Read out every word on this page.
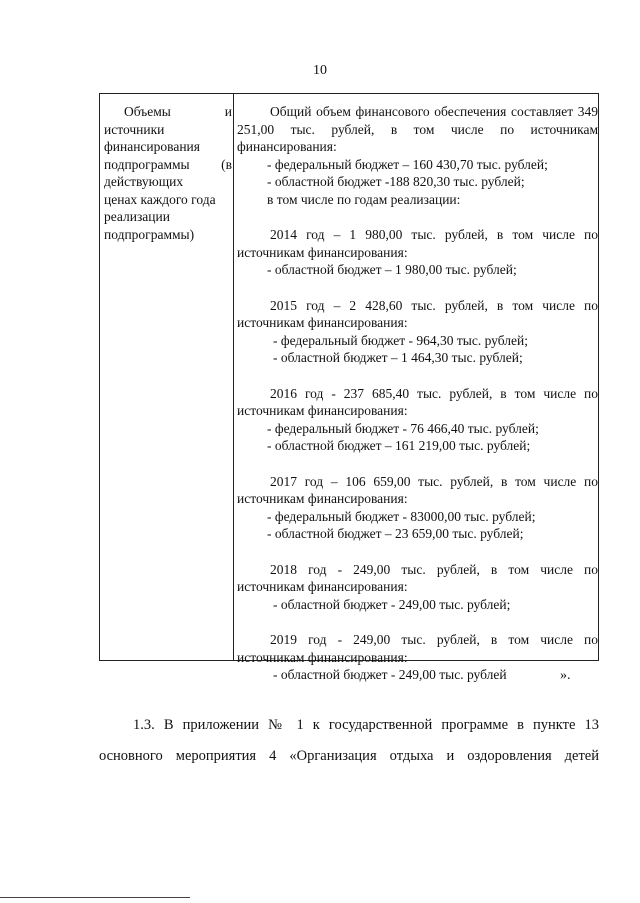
10
Объемы	и
источники
финансирования
подпрограммы (в
действующих
ценах каждого года
реализации
подпрограммы)
Общий объем финансового обеспечения составляет 349 251,00 тыс. рублей, в том числе по источникам финансирования:
- федеральный бюджет – 160 430,70 тыс. рублей;
- областной бюджет -188 820,30 тыс. рублей;
в том числе по годам реализации:
2014 год – 1 980,00 тыс. рублей, в том числе по
источникам финансирования:
- областной бюджет – 1 980,00 тыс. рублей;
2015 год – 2 428,60 тыс. рублей, в том числе по
источникам финансирования:
- федеральный бюджет - 964,30 тыс. рублей;
- областной бюджет – 1 464,30 тыс. рублей;
2016 год - 237 685,40 тыс. рублей, в том числе по
источникам финансирования:
- федеральный бюджет - 76 466,40 тыс. рублей;
- областной бюджет – 161 219,00 тыс. рублей;
2017 год – 106 659,00 тыс. рублей, в том числе по
источникам финансирования:
- федеральный бюджет - 83000,00 тыс. рублей;
- областной бюджет – 23 659,00 тыс. рублей;
2018 год - 249,00 тыс. рублей, в том числе по
источникам финансирования:
- областной бюджет - 249,00 тыс. рублей;
2019 год - 249,00 тыс. рублей, в том числе по
источникам финансирования:
- областной бюджет - 249,00 тыс. рублей	».
1.3. В приложении № 1 к государственной программе в пункте 13
основного мероприятия 4 «Организация отдыха и оздоровления детей
